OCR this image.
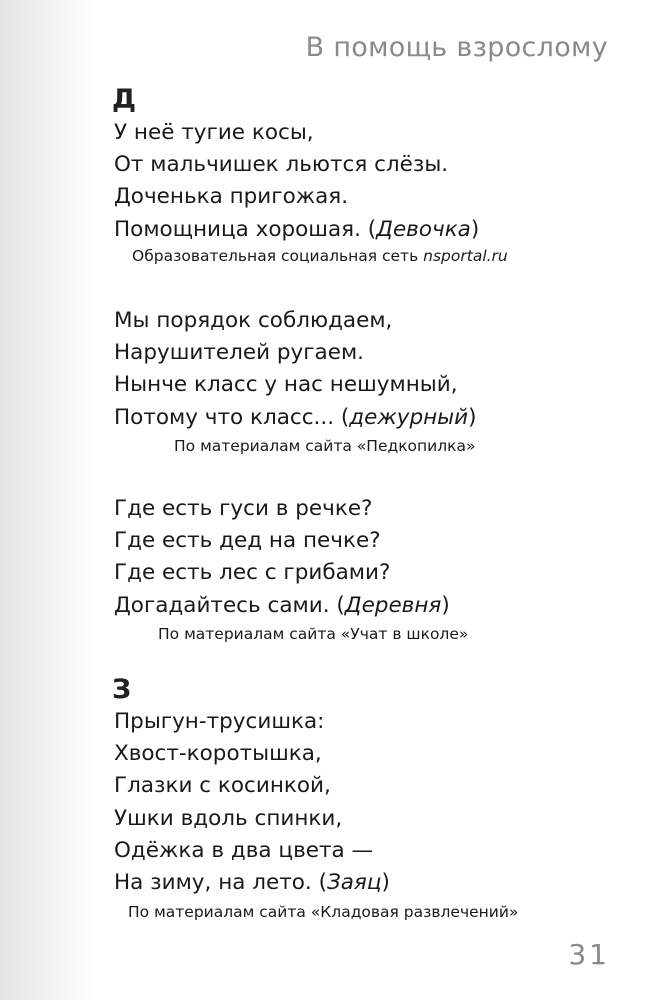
В помощь взрослому
Д
У неё тугие косы,
От мальчишек льются слёзы.
Доченька пригожая.
Помощница хорошая. (Девочка)
Образовательная социальная сеть nsportal.ru
Мы порядок соблюдаем,
Нарушителей ругаем.
Нынче класс у нас нешумный,
Потому что класс... (дежурный)
По материалам сайта «Педкопилка»
Где есть гуси в речке?
Где есть дед на печке?
Где есть лес с грибами?
Догадайтесь сами. (Деревня)
По материалам сайта «Учат в школе»
З
Прыгун-трусишка:
Хвост-коротышка,
Глазки с косинкой,
Ушки вдоль спинки,
Одёжка в два цвета —
На зиму, на лето. (Заяц)
По материалам сайта «Кладовая развлечений»
31
